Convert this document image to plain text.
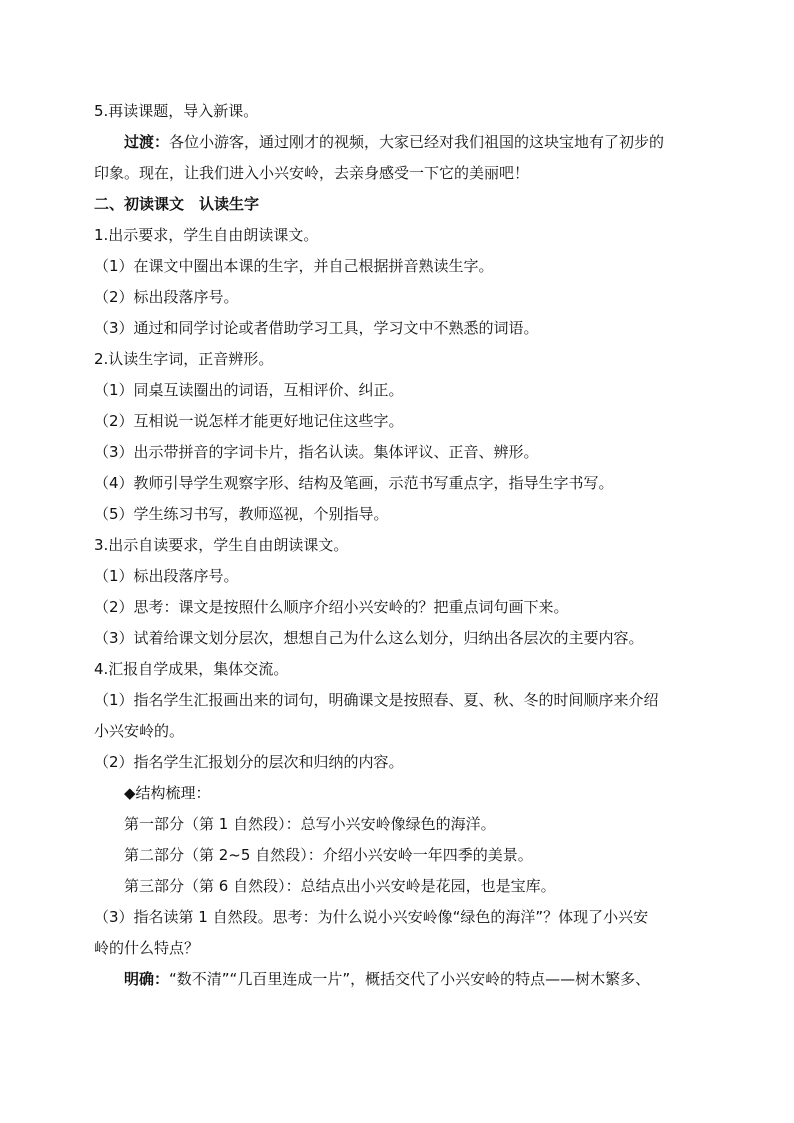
5.再读课题，导入新课。
过渡：各位小游客，通过刚才的视频，大家已经对我们祖国的这块宝地有了初步的
印象。现在，让我们进入小兴安岭，去亲身感受一下它的美丽吧！
二、初读课文　认读生字
1.出示要求，学生自由朗读课文。
（1）在课文中圈出本课的生字，并自己根据拼音熟读生字。
（2）标出段落序号。
（3）通过和同学讨论或者借助学习工具，学习文中不熟悉的词语。
2.认读生字词，正音辨形。
（1）同桌互读圈出的词语，互相评价、纠正。
（2）互相说一说怎样才能更好地记住这些字。
（3）出示带拼音的字词卡片，指名认读。集体评议、正音、辨形。
（4）教师引导学生观察字形、结构及笔画，示范书写重点字，指导生字书写。
（5）学生练习书写，教师巡视，个别指导。
3.出示自读要求，学生自由朗读课文。
（1）标出段落序号。
（2）思考：课文是按照什么顺序介绍小兴安岭的？把重点词句画下来。
（3）试着给课文划分层次，想想自己为什么这么划分，归纳出各层次的主要内容。
4.汇报自学成果，集体交流。
（1）指名学生汇报画出来的词句，明确课文是按照春、夏、秋、冬的时间顺序来介绍
小兴安岭的。
（2）指名学生汇报划分的层次和归纳的内容。
◆结构梳理：
第一部分（第 1 自然段）：总写小兴安岭像绿色的海洋。
第二部分（第 2~5 自然段）：介绍小兴安岭一年四季的美景。
第三部分（第 6 自然段）：总结点出小兴安岭是花园，也是宝库。
（3）指名读第 1 自然段。思考：为什么说小兴安岭像“绿色的海洋”？体现了小兴安
岭的什么特点？
明确：“数不清”“几百里连成一片”，概括交代了小兴安岭的特点——树木繁多、
